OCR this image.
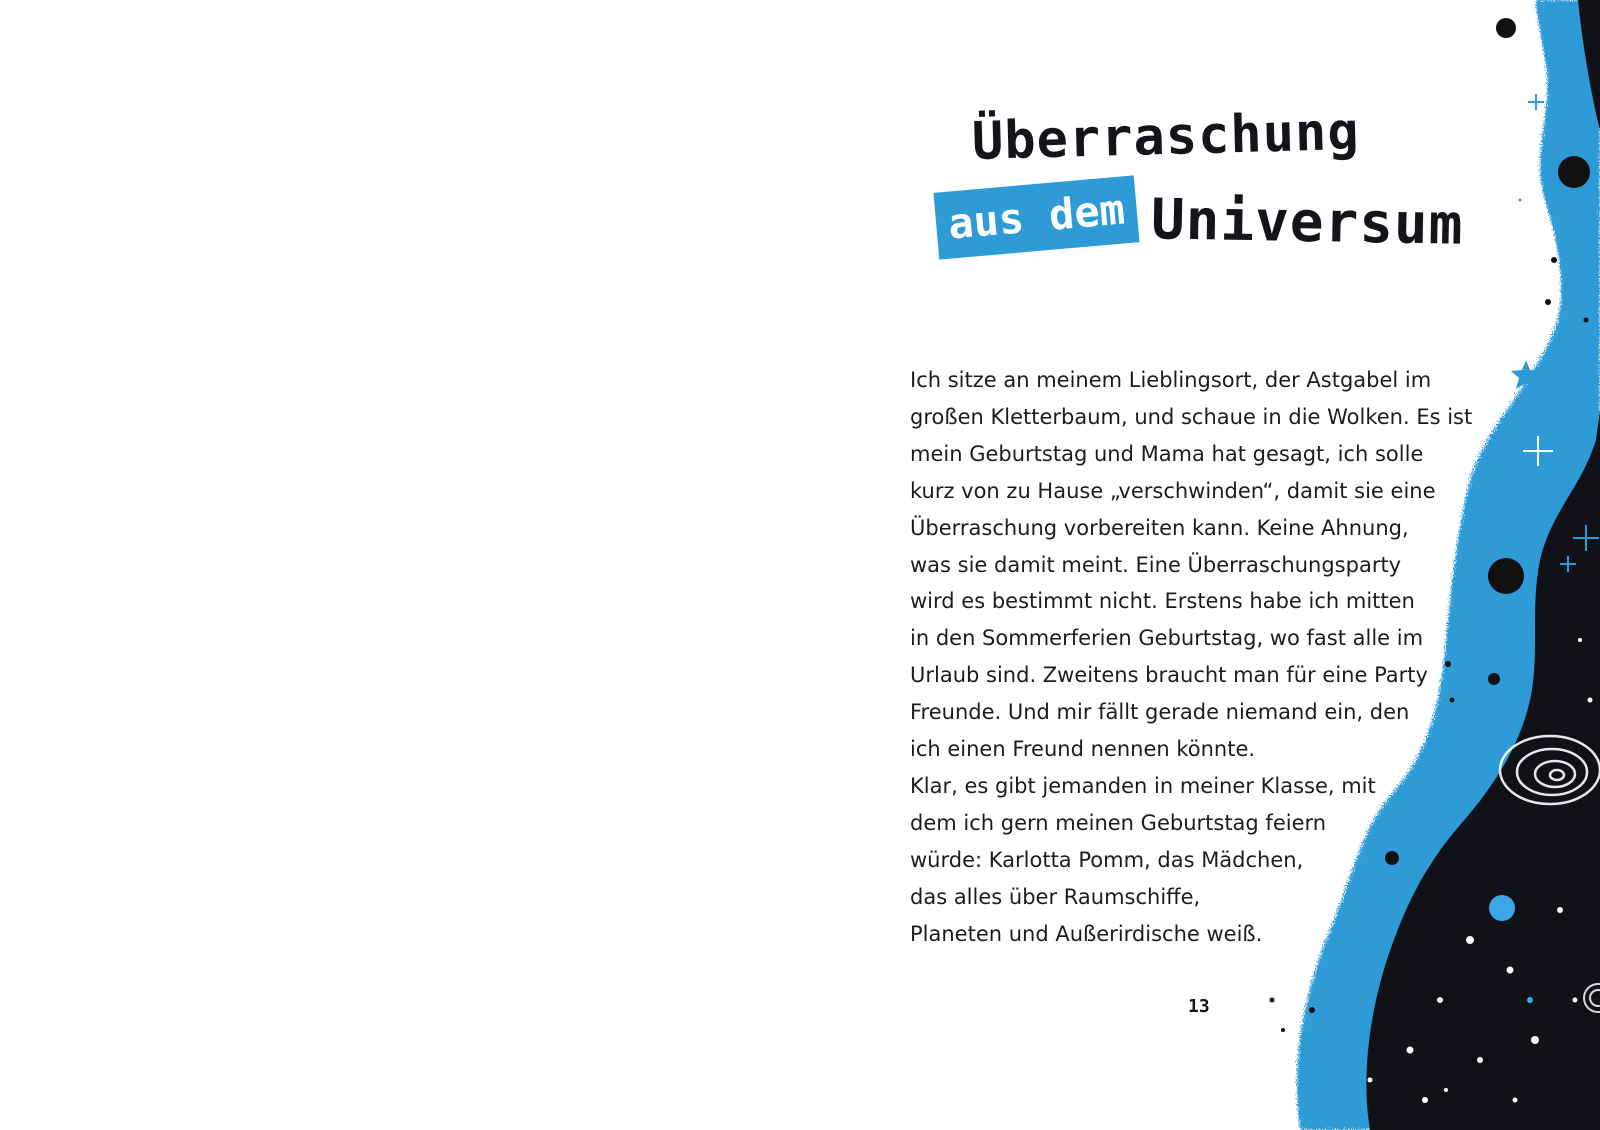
Überraschung
aus dem Universum

Ich sitze an meinem Lieblingsort, der Astgabel im
großen Kletterbaum, und schaue in die Wolken. Es ist
mein Geburtstag und Mama hat gesagt, ich solle
kurz von zu Hause „verschwinden“, damit sie eine
Überraschung vorbereiten kann. Keine Ahnung,
was sie damit meint. Eine Überraschungsparty
wird es bestimmt nicht. Erstens habe ich mitten
in den Sommerferien Geburtstag, wo fast alle im
Urlaub sind. Zweitens braucht man für eine Party
Freunde. Und mir fällt gerade niemand ein, den
ich einen Freund nennen könnte.
Klar, es gibt jemanden in meiner Klasse, mit
dem ich gern meinen Geburtstag feiern
würde: Karlotta Pomm, das Mädchen,
das alles über Raumschiffe,
Planeten und Außerirdische weiß.

13
